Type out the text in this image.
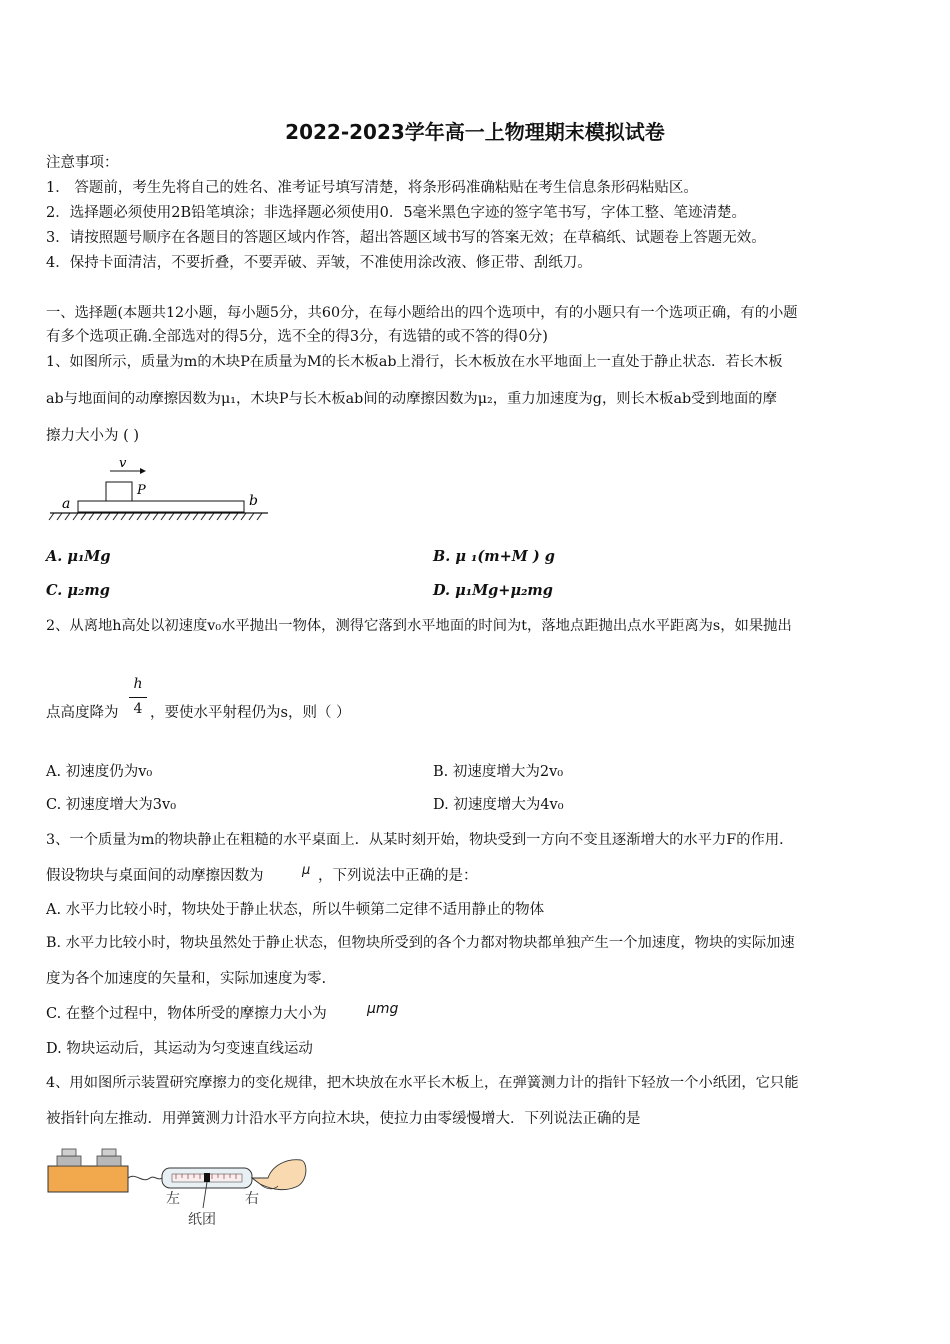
2022-2023学年高一上物理期末模拟试卷
注意事项：
1． 答题前，考生先将自己的姓名、准考证号填写清楚，将条形码准确粘贴在考生信息条形码粘贴区。
2．选择题必须使用2B铅笔填涂；非选择题必须使用0．5毫米黑色字迹的签字笔书写，字体工整、笔迹清楚。
3．请按照题号顺序在各题目的答题区域内作答，超出答题区域书写的答案无效；在草稿纸、试题卷上答题无效。
4．保持卡面清洁，不要折叠，不要弄破、弄皱，不准使用涂改液、修正带、刮纸刀。
一、选择题(本题共12小题，每小题5分，共60分，在每小题给出的四个选项中，有的小题只有一个选项正确，有的小题
有多个选项正确.全部选对的得5分，选不全的得3分，有选错的或不答的得0分)
1、如图所示，质量为m的木块P在质量为M的长木板ab上滑行，长木板放在水平地面上一直处于静止状态．若长木板
ab与地面间的动摩擦因数为μ₁，木块P与长木板ab间的动摩擦因数为μ₂，重力加速度为g，则长木板ab受到地面的摩
擦力大小为 ( )
v
P
a	b
A. μ₁Mg	B. μ ₁(m+M ) g
C. μ₂mg	D. μ₁Mg+μ₂mg
2、从离地h高处以初速度v₀水平抛出一物体，测得它落到水平地面的时间为t，落地点距抛出点水平距离为s，如果抛出
点高度降为
h
4 ，要使水平射程仍为s，则（ ）
A. 初速度仍为v₀	B. 初速度增大为2v₀
C. 初速度增大为3v₀	D. 初速度增大为4v₀
3、一个质量为m的物块静止在粗糙的水平桌面上．从某时刻开始，物块受到一方向不变且逐渐增大的水平力F的作用．
假设物块与桌面间的动摩擦因数为	μ ，下列说法中正确的是：
A. 水平力比较小时，物块处于静止状态，所以牛顿第二定律不适用静止的物体
B. 水平力比较小时，物块虽然处于静止状态，但物块所受到的各个力都对物块都单独产生一个加速度，物块的实际加速
度为各个加速度的矢量和，实际加速度为零.
C. 在整个过程中，物体所受的摩擦力大小为	μmg
D. 物块运动后，其运动为匀变速直线运动
4、用如图所示装置研究摩擦力的变化规律，把木块放在水平长木板上，在弹簧测力计的指针下轻放一个小纸团，它只能
被指针向左推动．用弹簧测力计沿水平方向拉木块，使拉力由零缓慢增大．下列说法正确的是
左	右
纸团
